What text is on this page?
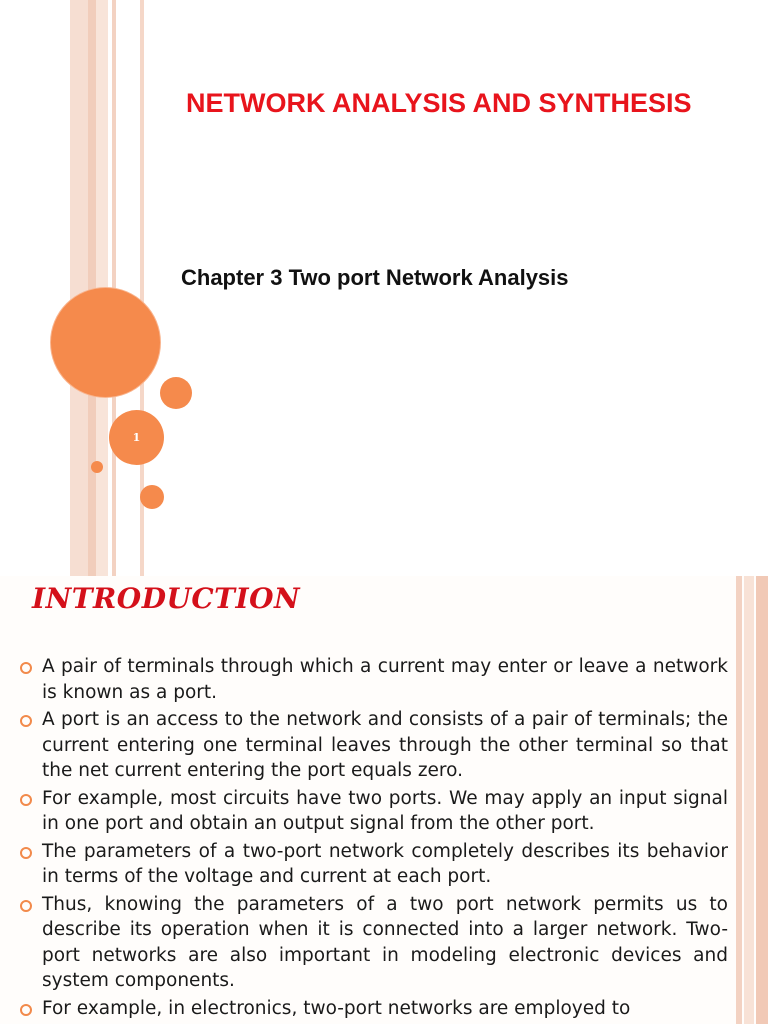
1
NETWORK ANALYSIS AND SYNTHESIS
Chapter 3 Two port Network Analysis
INTRODUCTION
A pair of terminals through which a current may enter or leave a network is known as a port.
A port is an access to the network and consists of a pair of terminals; the current entering one terminal leaves through the other terminal so that the net current entering the port equals zero.
For example, most circuits have two ports. We may apply an input signal in one port and obtain an output signal from the other port.
The parameters of a two-port network completely describes its behavior in terms of the voltage and current at each port.
Thus, knowing the parameters of a two port network permits us to describe its operation when it is connected into a larger network. Two-port networks are also important in modeling electronic devices and system components.
For example, in electronics, two-port networks are employed to
